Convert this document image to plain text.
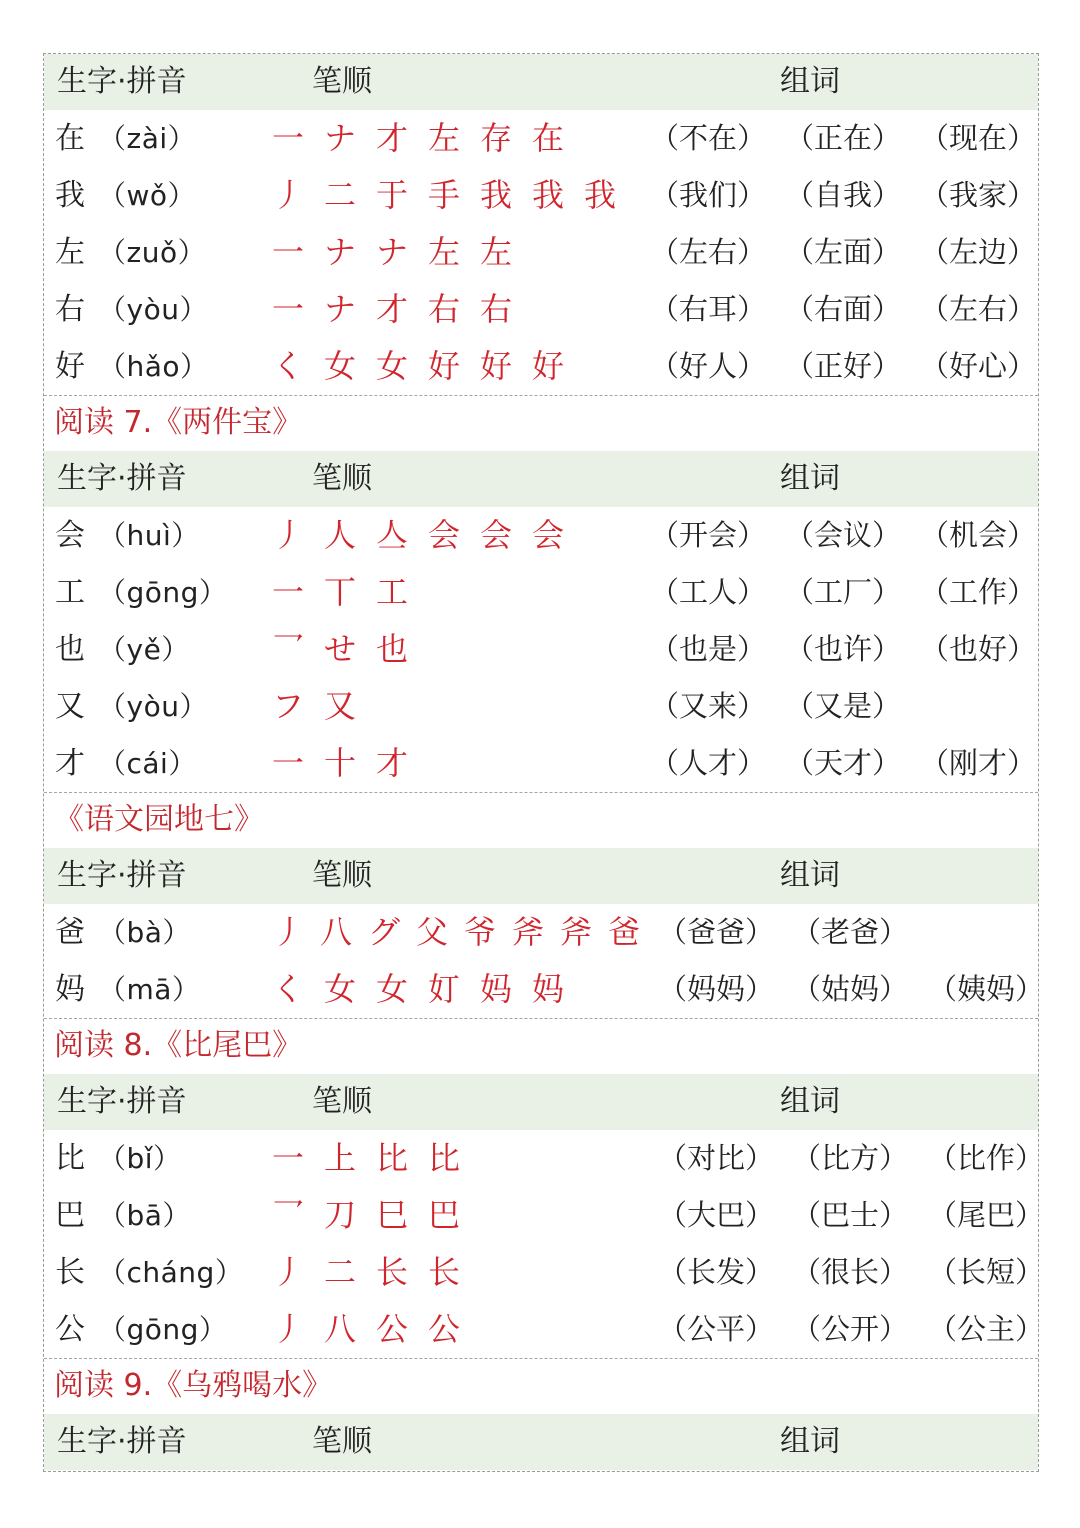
生字·拼音	笔顺	组词
在 （zài） 一 ナ 才 左 存 在	（不在） （正在） （现在）
我 （wǒ） 丿 二 于 手 我 我 我 （我们） （自我） （我家）
左 （zuǒ） 一 ナ ナ 左 左	（左右） （左面） （左边）
右 （yòu） 一 ナ 才 右 右	（右耳） （右面） （左右）
好 （hǎo） く 女 女 好 好 好	（好人） （正好） （好心）
阅读 7.《两件宝》
生字·拼音	笔顺	组词
会 （huì） 丿 人 亼 会 会 会	（开会） （会议） （机会）
工 （gōng） 一 丅 工	（工人） （工厂） （工作）
也 （yě）	乛 せ 也	（也是） （也许） （也好）
又 （yòu） フ 又	（又来） （又是）
才 （cái） 一 十 才	（人才） （天才） （刚才）
《语文园地七》
生字·拼音	笔顺	组词
爸 （bà）	丿 八 グ 父 爷 斧 斧 爸 （爸爸） （老爸）
妈 （mā） く 女 女 奵 妈 妈	（妈妈） （姑妈） （姨妈）
阅读 8.《比尾巴》
生字·拼音	笔顺	组词
比 （bǐ）	一 上 比 比	（对比） （比方） （比作）
巴 （bā）	乛 刀 巳 巴	（大巴） （巴士） （尾巴）
长 （cháng） 丿 二 长 长	（长发） （很长） （长短）
公 （gōng） 丿 八 公 公	（公平） （公开） （公主）
阅读 9.《乌鸦喝水》
生字·拼音	笔顺	组词
